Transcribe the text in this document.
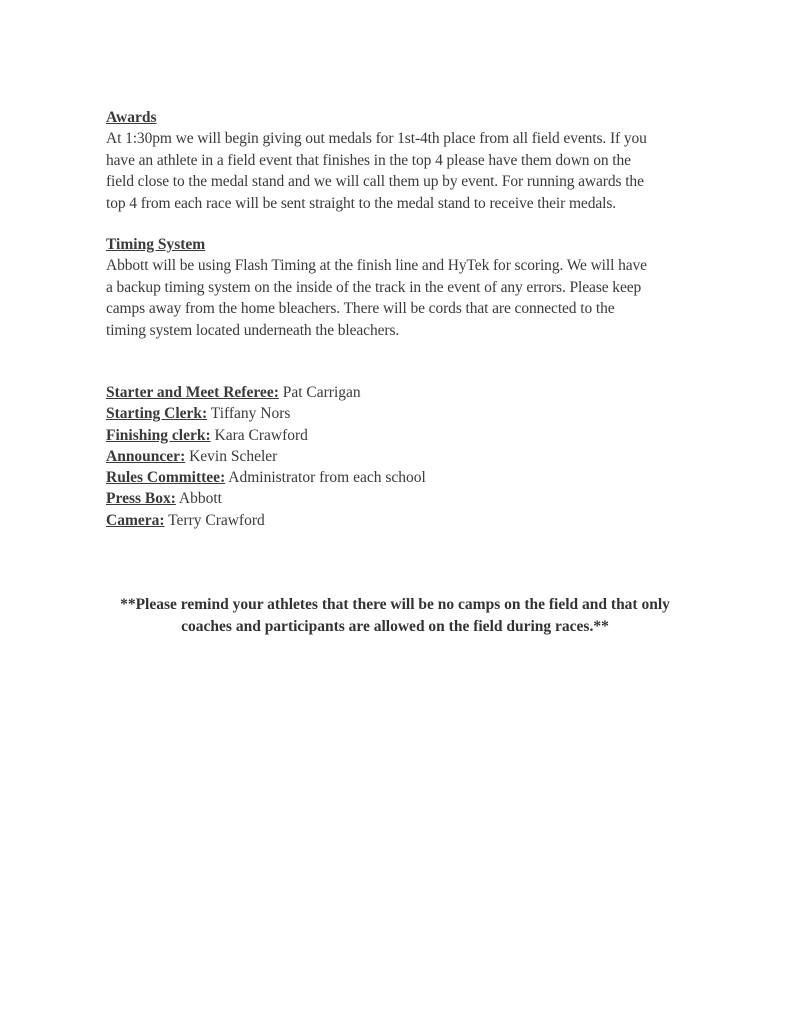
Awards
At 1:30pm we will begin giving out medals for 1st-4th place from all field events. If you
have an athlete in a field event that finishes in the top 4 please have them down on the
field close to the medal stand and we will call them up by event. For running awards the
top 4 from each race will be sent straight to the medal stand to receive their medals.
Timing System
Abbott will be using Flash Timing at the finish line and HyTek for scoring. We will have
a backup timing system on the inside of the track in the event of any errors. Please keep
camps away from the home bleachers. There will be cords that are connected to the
timing system located underneath the bleachers.
Starter and Meet Referee: Pat Carrigan
Starting Clerk: Tiffany Nors
Finishing clerk: Kara Crawford
Announcer: Kevin Scheler
Rules Committee: Administrator from each school
Press Box: Abbott
Camera: Terry Crawford
**Please remind your athletes that there will be no camps on the field and that only
coaches and participants are allowed on the field during races.**
